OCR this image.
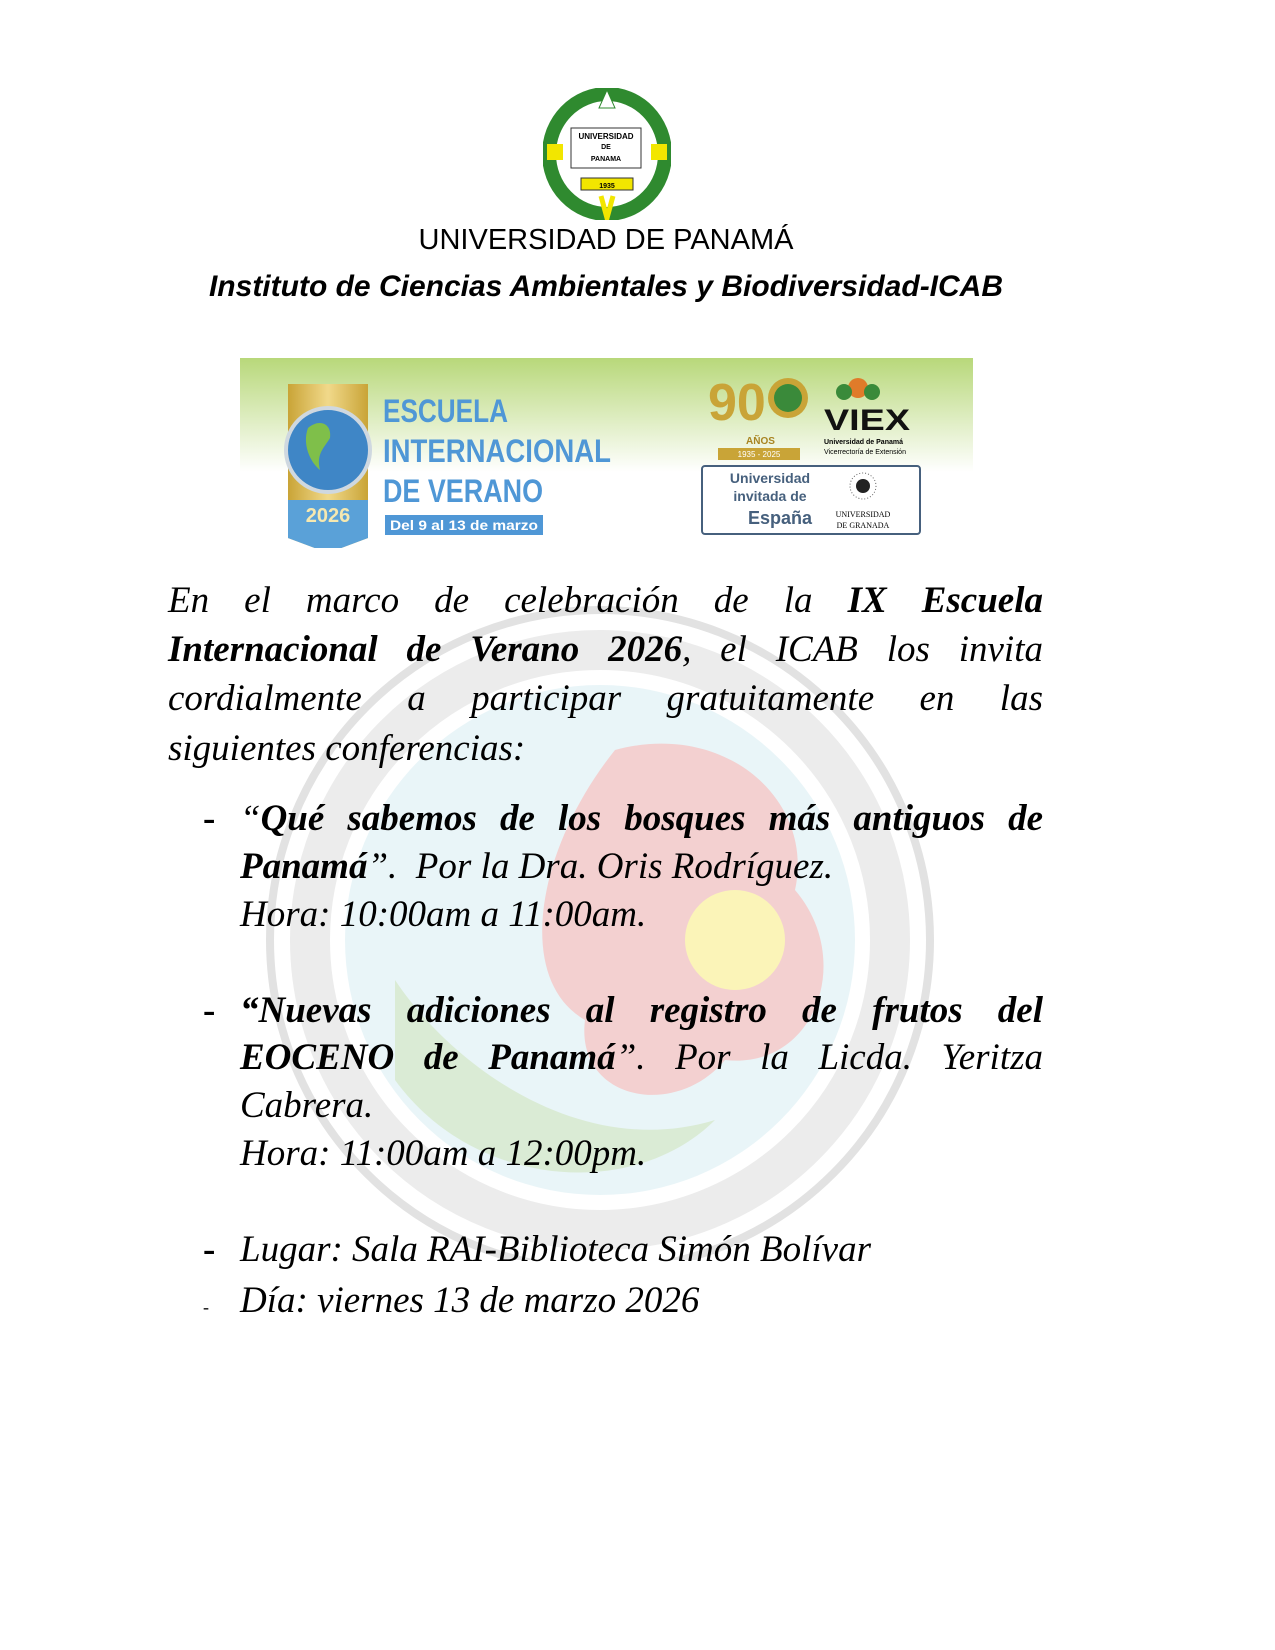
UNIVERSIDAD
DE
PANAMA
1935
UNIVERSIDAD DE PANAMÁ
Instituto de Ciencias Ambientales y Biodiversidad-ICAB
2026
ESCUELA
INTERNACIONAL
DE VERANO
Del 9 al 13 de marzo
90
AÑOS
1935 - 2025
VIEX
Universidad de Panamá
Vicerrectoría de Extensión
Universidad
invitada de
España	UNIVERSIDAD
DE GRANADA
En el marco de celebración de la IX Escuela
Internacional de Verano 2026, el ICAB los invita
cordialmente a participar gratuitamente en las
siguientes conferencias:
- “Qué sabemos de los bosques más antiguos de
Panamá”.  Por la Dra. Oris Rodríguez.
Hora: 10:00am a 11:00am.
- “Nuevas adiciones al registro de frutos del
EOCENO de Panamá”. Por la Licda. Yeritza
Cabrera.
Hora: 11:00am a 12:00pm.
- Lugar: Sala RAI-Biblioteca Simón Bolívar
- Día: viernes 13 de marzo 2026
